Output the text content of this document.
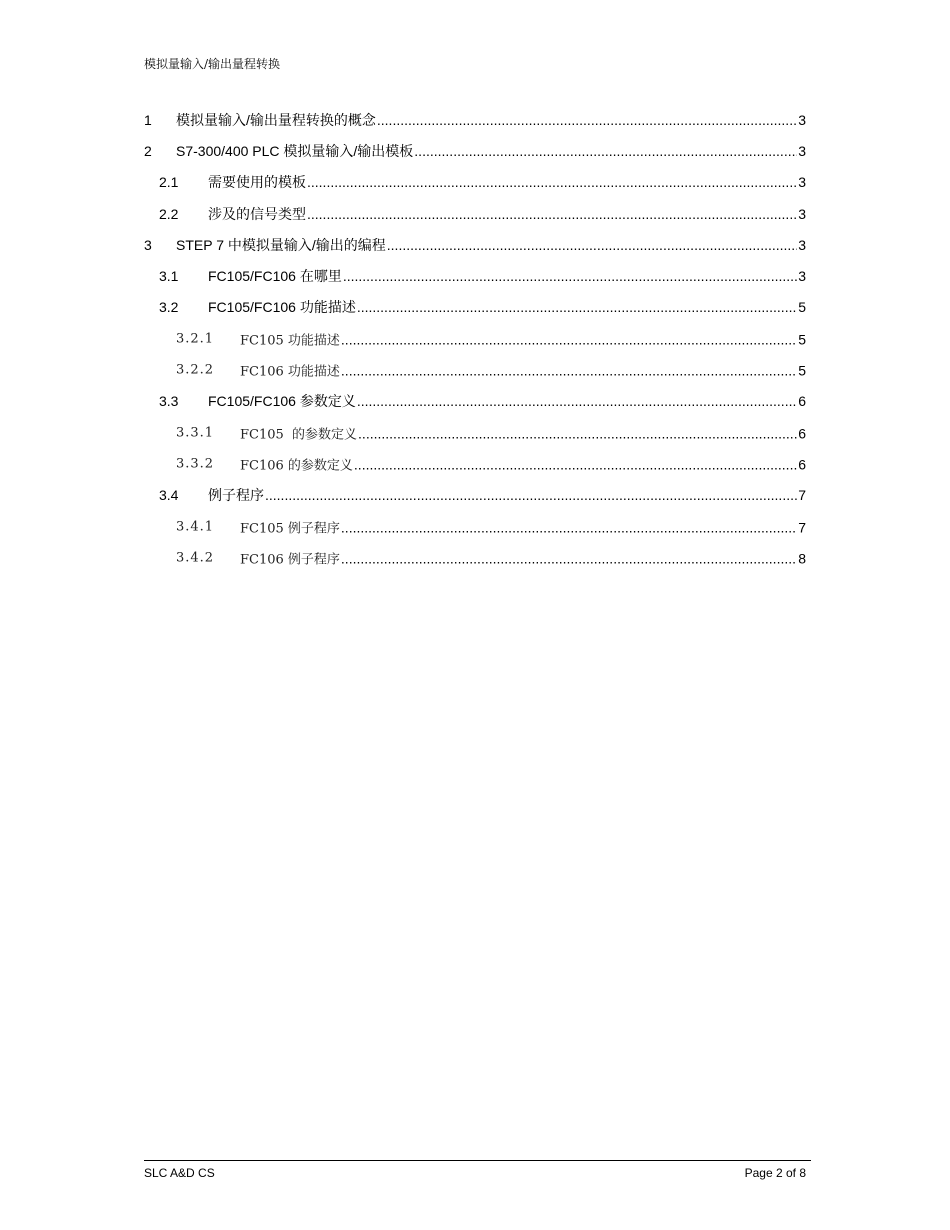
模拟量输入/输出量程转换
1 模拟量输入/输出量程转换的概念 .....	3
2 S7-300/400 PLC 模拟量输入/输出模板 .....	3
2.1 需要使用的模板 .....	3
2.2 涉及的信号类型 .....	3
3 STEP 7 中模拟量输入/输出的编程 .....	3
3.1 FC105/FC106 在哪里 .....	3
3.2 FC105/FC106 功能描述 .....	5
3.2.1 FC105 功能描述 .....	5
3.2.2 FC106 功能描述 .....	5
3.3 FC105/FC106 参数定义 .....	6
3.3.1 FC105  的参数定义 .....	6
3.3.2 FC106 的参数定义 .....	6
3.4 例子程序 .....	7
3.4.1 FC105 例子程序 .....	7
3.4.2 FC106 例子程序 .....	8
SLC A&D CS	Page 2 of 8
